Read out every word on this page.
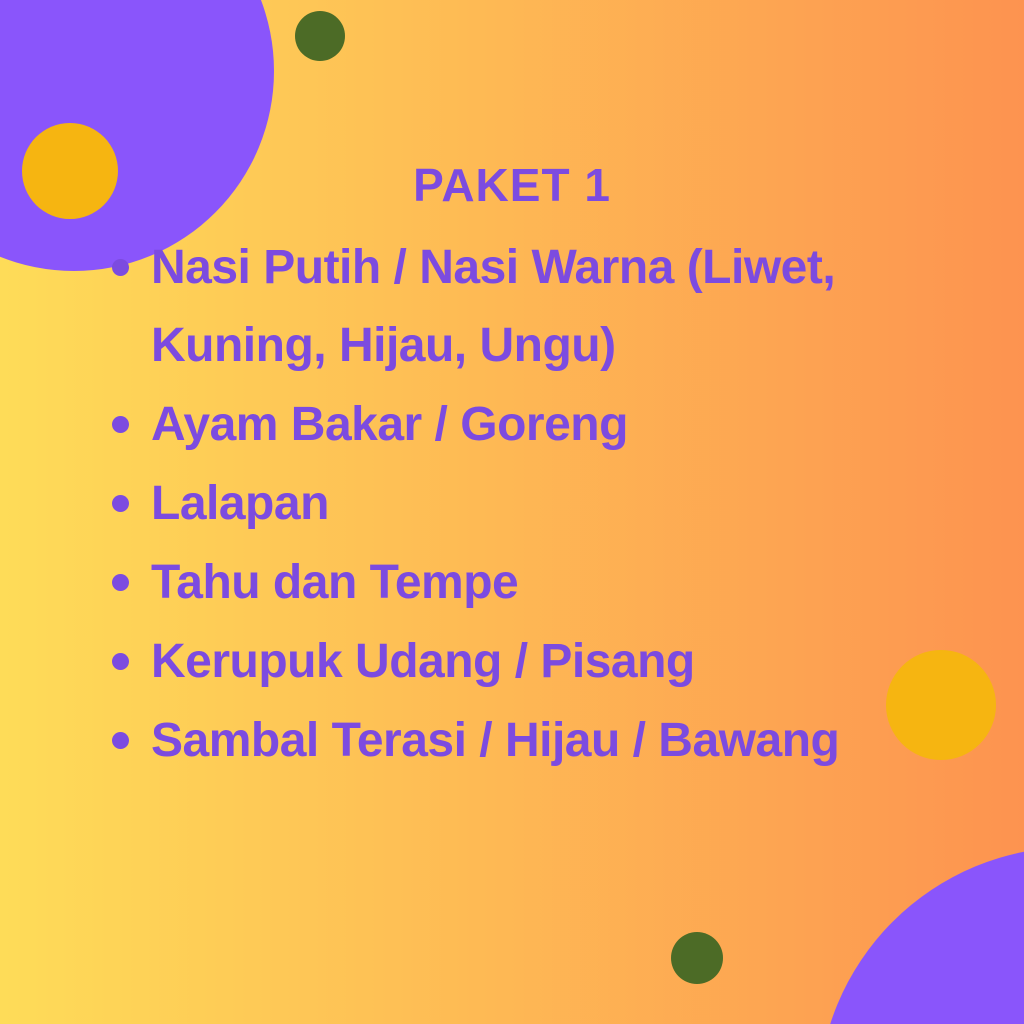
PAKET 1
Nasi Putih / Nasi Warna (Liwet, Kuning, Hijau, Ungu)
Ayam Bakar / Goreng
Lalapan
Tahu dan Tempe
Kerupuk Udang / Pisang
Sambal Terasi / Hijau / Bawang
